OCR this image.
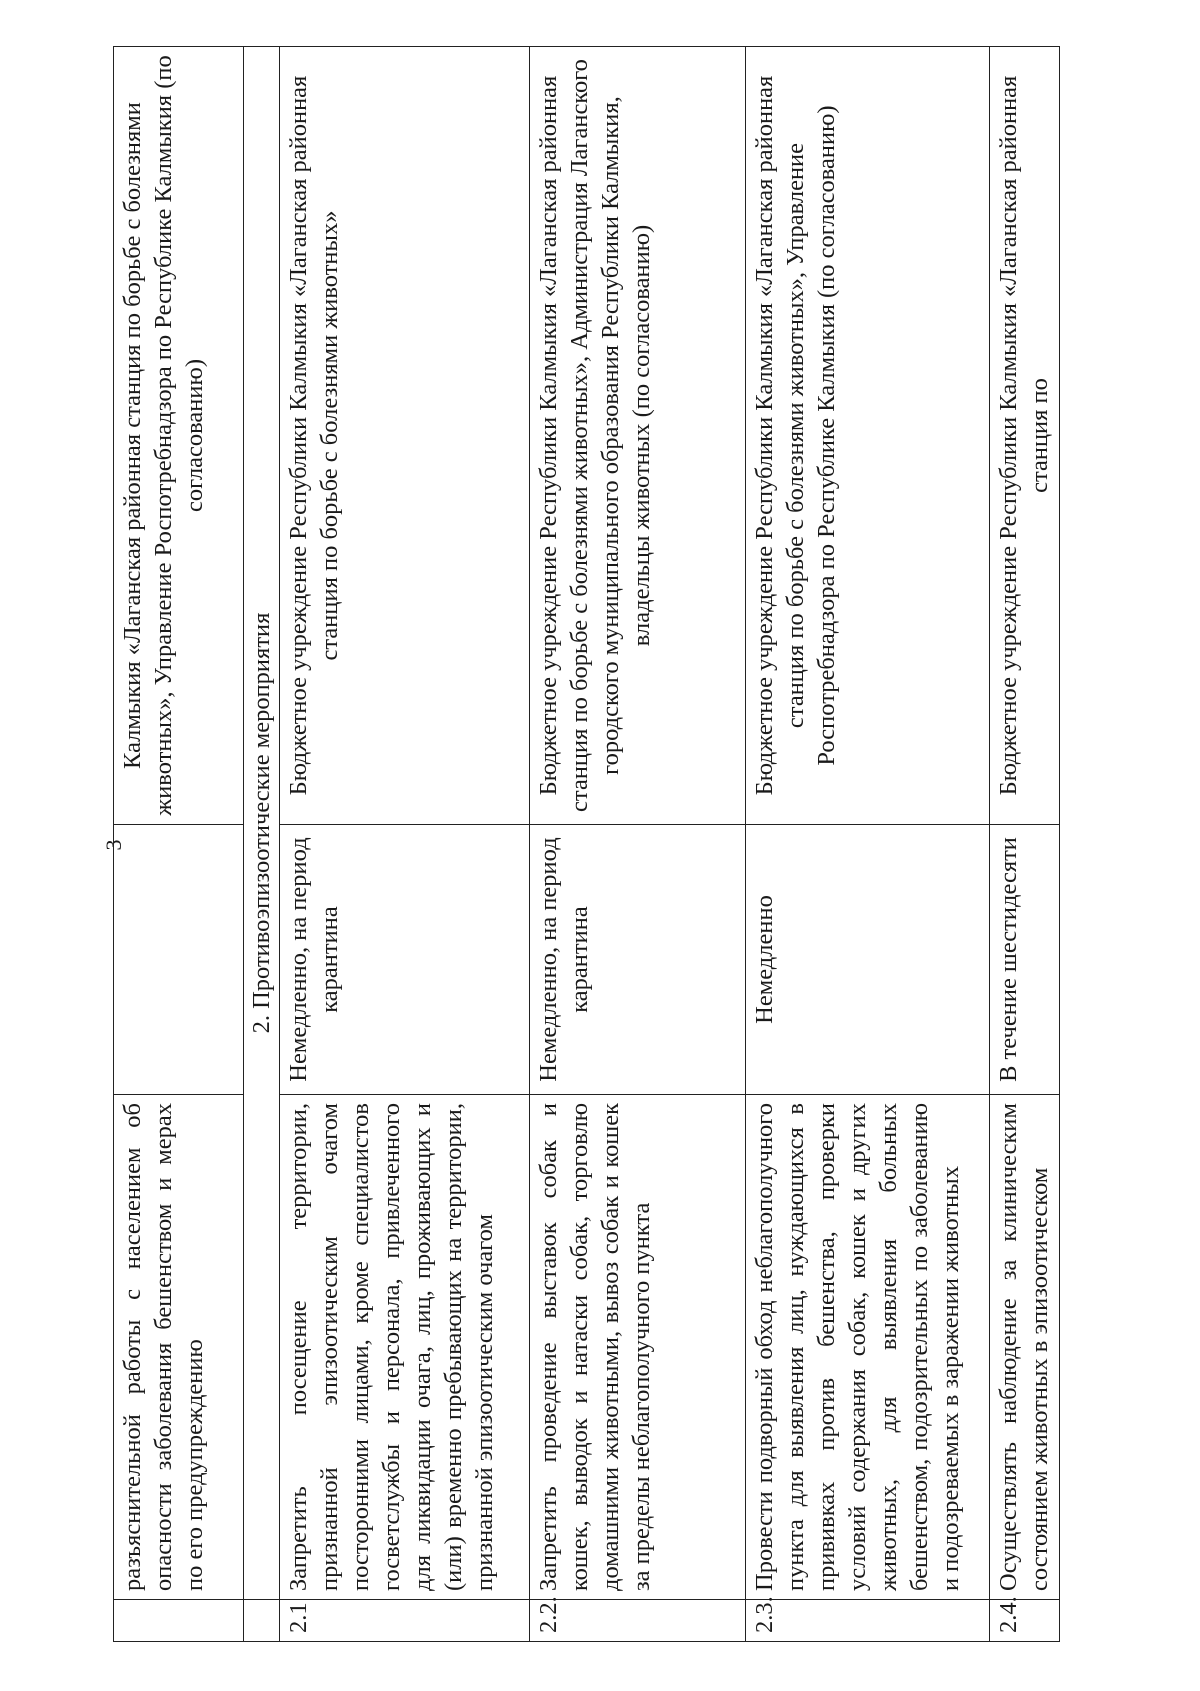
3
	разъяснительной работы с населением об опасности заболевания бешенством и мерах по его предупреждению		Калмыкия «Лаганская районная станция по борьбе с болезнями животных», Управление Роспотребнадзора по Республике Калмыкия (по согласованию)
	2. Противоэпизоотические мероприятия		
2.1	Запретить посещение территории, признанной эпизоотическим очагом посторонними лицами, кроме специалистов госветслужбы и персонала, привлеченного для ликвидации очага, лиц, проживающих и (или) временно пребывающих на территории, признанной эпизоотическим очагом	Немедленно, на период карантина	Бюджетное учреждение Республики Калмыкия «Лаганская районная станция по борьбе с болезнями животных»
2.2.	Запретить проведение выставок собак и кошек, выводок и натаски собак, торговлю домашними животными, вывоз собак и кошек за пределы неблагополучного пункта	Немедленно, на период карантина	Бюджетное учреждение Республики Калмыкия «Лаганская районная станция по борьбе с болезнями животных», Администрация Лаганского городского муниципального образования Республики Калмыкия, владельцы животных (по согласованию)
2.3.	Провести подворный обход неблагополучного пункта для выявления лиц, нуждающихся в прививках против бешенства, проверки условий содержания собак, кошек и других животных, для выявления больных бешенством, подозрительных по заболеванию и подозреваемых в заражении животных	Немедленно	Бюджетное учреждение Республики Калмыкия «Лаганская районная станция по борьбе с болезнями животных», Управление Роспотребнадзора по Республике Калмыкия (по согласованию)
2.4.	Осуществлять наблюдение за клиническим состоянием животных в эпизоотическом	В течение шестидесяти	Бюджетное учреждение Республики Калмыкия «Лаганская районная станция по
